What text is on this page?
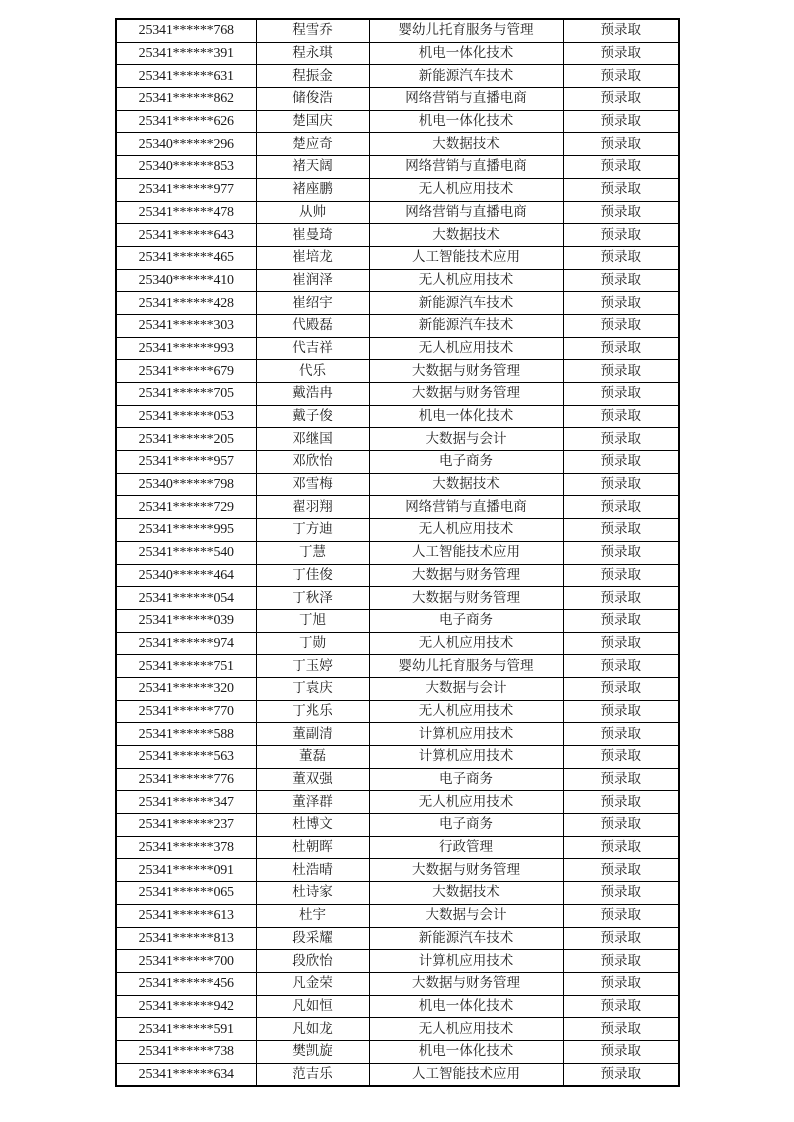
25341******768	程雪乔	婴幼儿托育服务与管理	预录取
25341******391	程永琪	机电一体化技术	预录取
25341******631	程振金	新能源汽车技术	预录取
25341******862	储俊浩	网络营销与直播电商	预录取
25341******626	楚国庆	机电一体化技术	预录取
25340******296	楚应奇	大数据技术	预录取
25340******853	褚天阔	网络营销与直播电商	预录取
25341******977	褚座鹏	无人机应用技术	预录取
25341******478	从帅	网络营销与直播电商	预录取
25341******643	崔曼琦	大数据技术	预录取
25341******465	崔培龙	人工智能技术应用	预录取
25340******410	崔润泽	无人机应用技术	预录取
25341******428	崔绍宇	新能源汽车技术	预录取
25341******303	代殿磊	新能源汽车技术	预录取
25341******993	代吉祥	无人机应用技术	预录取
25341******679	代乐	大数据与财务管理	预录取
25341******705	戴浩冉	大数据与财务管理	预录取
25341******053	戴子俊	机电一体化技术	预录取
25341******205	邓继国	大数据与会计	预录取
25341******957	邓欣怡	电子商务	预录取
25340******798	邓雪梅	大数据技术	预录取
25341******729	翟羽翔	网络营销与直播电商	预录取
25341******995	丁方迪	无人机应用技术	预录取
25341******540	丁慧	人工智能技术应用	预录取
25340******464	丁佳俊	大数据与财务管理	预录取
25341******054	丁秋泽	大数据与财务管理	预录取
25341******039	丁旭	电子商务	预录取
25341******974	丁勋	无人机应用技术	预录取
25341******751	丁玉婷	婴幼儿托育服务与管理	预录取
25341******320	丁袁庆	大数据与会计	预录取
25341******770	丁兆乐	无人机应用技术	预录取
25341******588	董副清	计算机应用技术	预录取
25341******563	董磊	计算机应用技术	预录取
25341******776	董双强	电子商务	预录取
25341******347	董泽群	无人机应用技术	预录取
25341******237	杜博文	电子商务	预录取
25341******378	杜朝晖	行政管理	预录取
25341******091	杜浩晴	大数据与财务管理	预录取
25341******065	杜诗家	大数据技术	预录取
25341******613	杜宇	大数据与会计	预录取
25341******813	段采耀	新能源汽车技术	预录取
25341******700	段欣怡	计算机应用技术	预录取
25341******456	凡金荣	大数据与财务管理	预录取
25341******942	凡如恒	机电一体化技术	预录取
25341******591	凡如龙	无人机应用技术	预录取
25341******738	樊凯旋	机电一体化技术	预录取
25341******634	范吉乐	人工智能技术应用	预录取
